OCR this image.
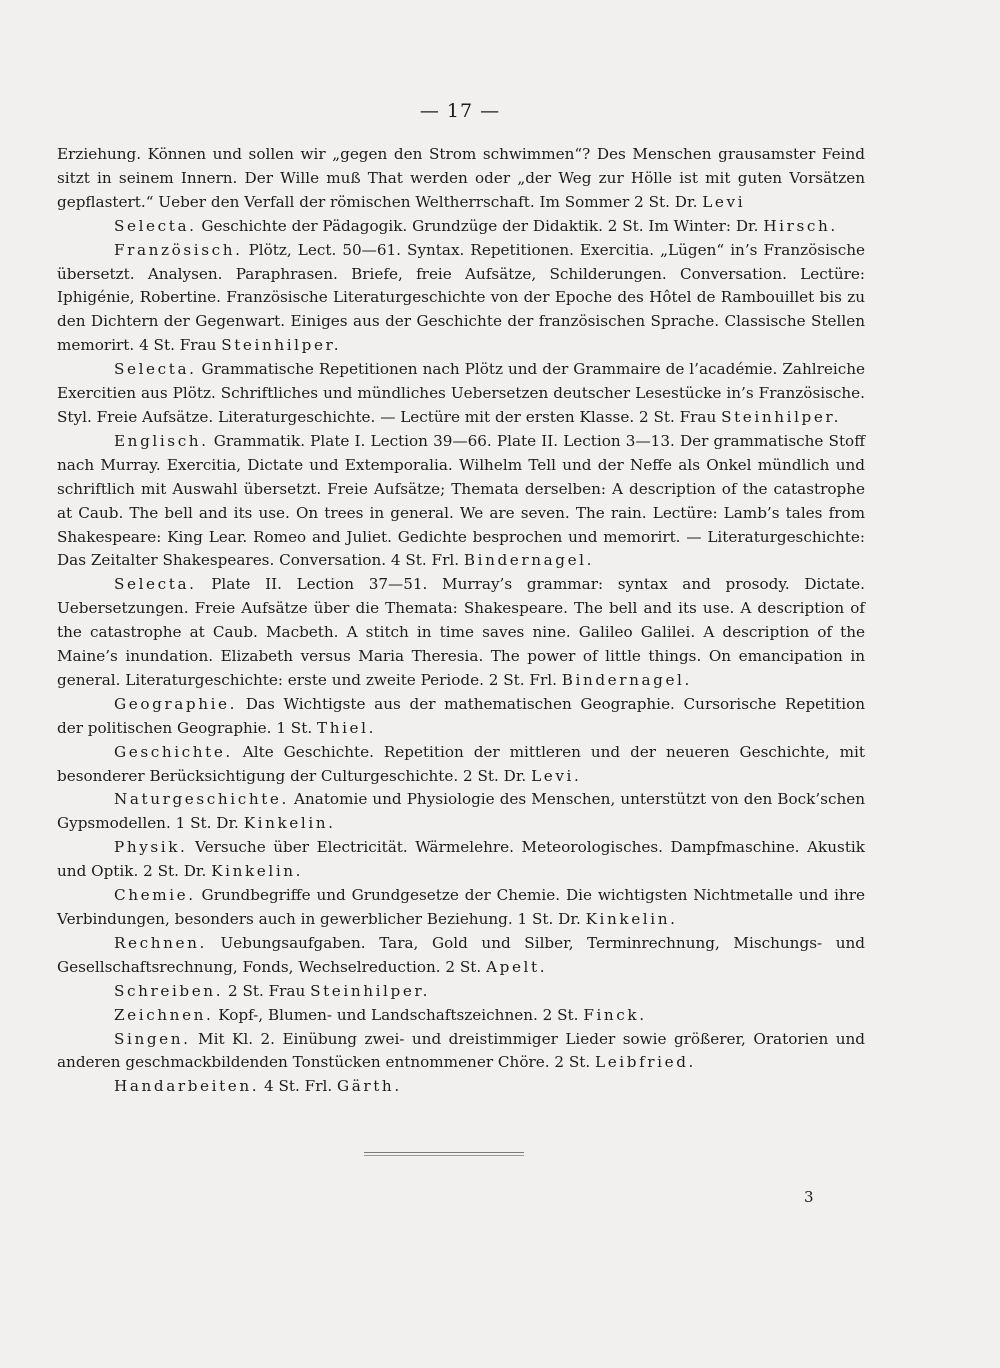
— 17 —

Erziehung. Können und sollen wir „gegen den Strom schwimmen“? Des Menschen grausamster Feind sitzt in seinem Innern. Der Wille muß That werden oder „der Weg zur Hölle ist mit guten Vorsätzen gepflastert.“ Ueber den Verfall der römischen Weltherrschaft. Im Sommer 2 St. Dr. Levi

Selecta. Geschichte der Pädagogik. Grundzüge der Didaktik. 2 St. Im Winter: Dr. Hirsch.

Französisch. Plötz, Lect. 50—61. Syntax. Repetitionen. Exercitia. „Lügen“ in’s Französische übersetzt. Analysen. Paraphrasen. Briefe, freie Aufsätze, Schilderungen. Conversation. Lectüre: Iphigénie, Robertine. Französische Literaturgeschichte von der Epoche des Hôtel de Rambouillet bis zu den Dichtern der Gegenwart. Einiges aus der Geschichte der französischen Sprache. Classische Stellen memorirt. 4 St. Frau Steinhilper.

Selecta. Grammatische Repetitionen nach Plötz und der Grammaire de l’académie. Zahlreiche Exercitien aus Plötz. Schriftliches und mündliches Uebersetzen deutscher Lesestücke in’s Französische. Styl. Freie Aufsätze. Literaturgeschichte. — Lectüre mit der ersten Klasse. 2 St. Frau Steinhilper.

Englisch. Grammatik. Plate I. Lection 39—66. Plate II. Lection 3—13. Der grammatische Stoff nach Murray. Exercitia, Dictate und Extemporalia. Wilhelm Tell und der Neffe als Onkel mündlich und schriftlich mit Auswahl übersetzt. Freie Aufsätze; Themata derselben: A description of the catastrophe at Caub. The bell and its use. On trees in general. We are seven. The rain. Lectüre: Lamb’s tales from Shakespeare: King Lear. Romeo and Juliet. Gedichte besprochen und memorirt. — Literaturgeschichte: Das Zeitalter Shakespeares. Conversation. 4 St. Frl. Bindernagel.

Selecta. Plate II. Lection 37—51. Murray’s grammar: syntax and prosody. Dictate. Uebersetzungen. Freie Aufsätze über die Themata: Shakespeare. The bell and its use. A description of the catastrophe at Caub. Macbeth. A stitch in time saves nine. Galileo Galilei. A description of the Maine’s inundation. Elizabeth versus Maria Theresia. The power of little things. On emancipation in general. Literaturgeschichte: erste und zweite Periode. 2 St. Frl. Bindernagel.

Geographie. Das Wichtigste aus der mathematischen Geographie. Cursorische Repetition der politischen Geographie. 1 St. Thiel.

Geschichte. Alte Geschichte. Repetition der mittleren und der neueren Geschichte, mit besonderer Berücksichtigung der Culturgeschichte. 2 St. Dr. Levi.

Naturgeschichte. Anatomie und Physiologie des Menschen, unterstützt von den Bock’schen Gypsmodellen. 1 St. Dr. Kinkelin.

Physik. Versuche über Electricität. Wärmelehre. Meteorologisches. Dampfmaschine. Akustik und Optik. 2 St. Dr. Kinkelin.

Chemie. Grundbegriffe und Grundgesetze der Chemie. Die wichtigsten Nichtmetalle und ihre Verbindungen, besonders auch in gewerblicher Beziehung. 1 St. Dr. Kinkelin.

Rechnen. Uebungsaufgaben. Tara, Gold und Silber, Terminrechnung, Mischungs- und Gesellschaftsrechnung, Fonds, Wechselreduction. 2 St. Apelt.

Schreiben. 2 St. Frau Steinhilper.

Zeichnen. Kopf-, Blumen- und Landschaftszeichnen. 2 St. Finck.

Singen. Mit Kl. 2. Einübung zwei- und dreistimmiger Lieder sowie größerer, Oratorien und anderen geschmackbildenden Tonstücken entnommener Chöre. 2 St. Leibfried.

Handarbeiten. 4 St. Frl. Gärth.

3
